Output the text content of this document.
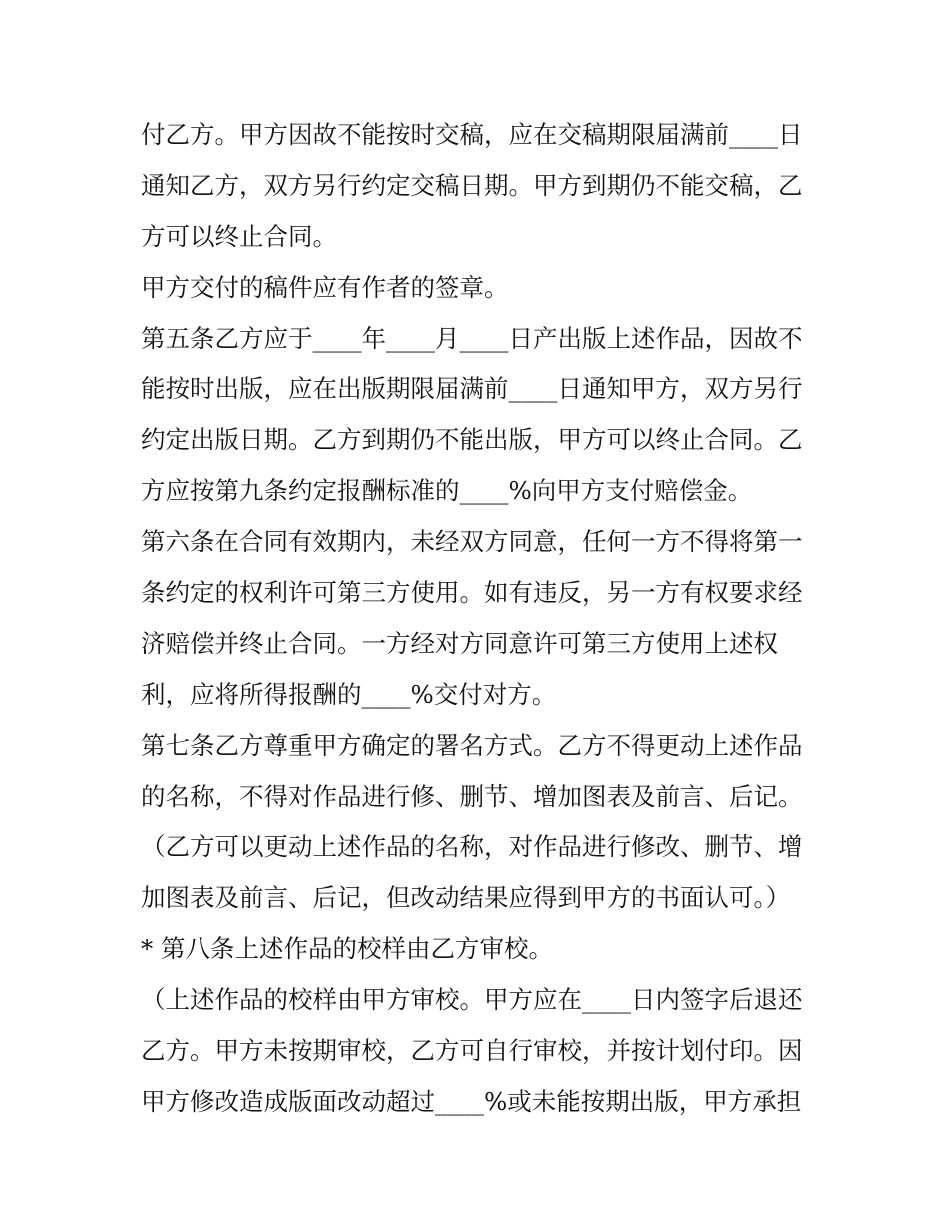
付乙方。甲方因故不能按时交稿，应在交稿期限届满前____日
通知乙方，双方另行约定交稿日期。甲方到期仍不能交稿，乙
方可以终止合同。
甲方交付的稿件应有作者的签章。
第五条乙方应于____年____月____日产出版上述作品，因故不
能按时出版，应在出版期限届满前____日通知甲方，双方另行
约定出版日期。乙方到期仍不能出版，甲方可以终止合同。乙
方应按第九条约定报酬标准的____%向甲方支付赔偿金。
第六条在合同有效期内，未经双方同意，任何一方不得将第一
条约定的权利许可第三方使用。如有违反，另一方有权要求经
济赔偿并终止合同。一方经对方同意许可第三方使用上述权
利，应将所得报酬的____%交付对方。
第七条乙方尊重甲方确定的署名方式。乙方不得更动上述作品
的名称，不得对作品进行修、删节、增加图表及前言、后记。
（乙方可以更动上述作品的名称，对作品进行修改、删节、增
加图表及前言、后记，但改动结果应得到甲方的书面认可。）
* 第八条上述作品的校样由乙方审校。
（上述作品的校样由甲方审校。甲方应在____日内签字后退还
乙方。甲方未按期审校，乙方可自行审校，并按计划付印。因
甲方修改造成版面改动超过____%或未能按期出版，甲方承担
